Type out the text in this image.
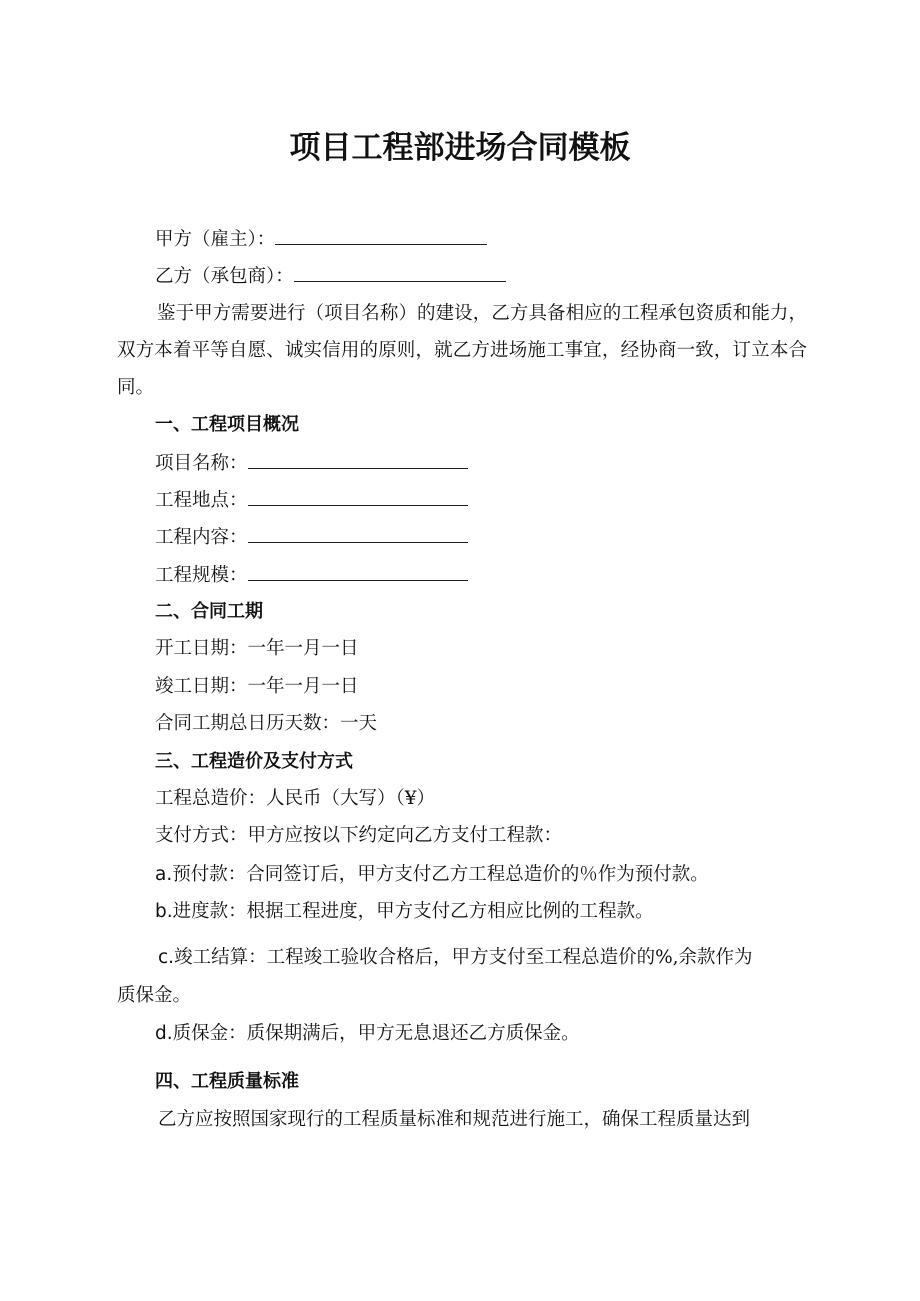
项目工程部进场合同模板

甲方（雇主）：

乙方（承包商）：

鉴于甲方需要进行（项目名称）的建设，乙方具备相应的工程承包资质和能力，双方本着平等自愿、诚实信用的原则，就乙方进场施工事宜，经协商一致，订立本合同。

一、工程项目概况

项目名称：

工程地点：

工程内容：

工程规模：

二、合同工期

开工日期：一年一月一日

竣工日期：一年一月一日

合同工期总日历天数：一天

三、工程造价及支付方式

工程总造价：人民币（大写）（¥）

支付方式：甲方应按以下约定向乙方支付工程款：

a.预付款：合同签订后，甲方支付乙方工程总造价的％作为预付款。

b.进度款：根据工程进度，甲方支付乙方相应比例的工程款。

c.竣工结算：工程竣工验收合格后，甲方支付至工程总造价的%,余款作为

质保金。

d.质保金：质保期满后，甲方无息退还乙方质保金。

四、工程质量标准

乙方应按照国家现行的工程质量标准和规范进行施工，确保工程质量达到
